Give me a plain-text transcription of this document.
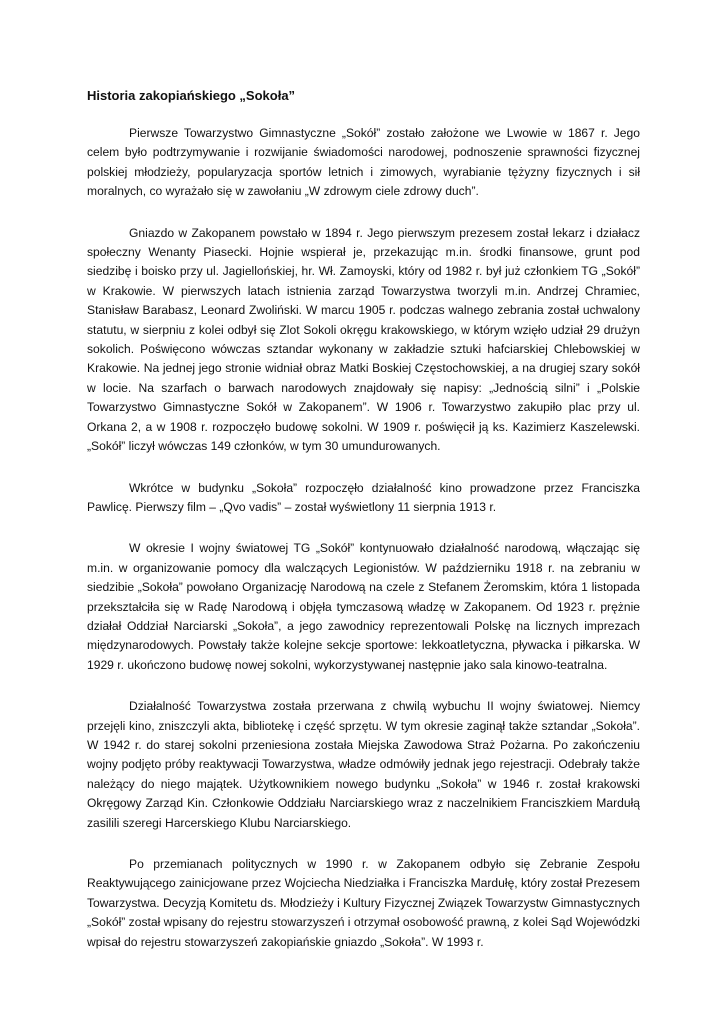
Historia zakopiańskiego „Sokoła”

Pierwsze Towarzystwo Gimnastyczne „Sokół” zostało założone we Lwowie w 1867 r. Jego celem było podtrzymywanie i rozwijanie świadomości narodowej, podnoszenie sprawności fizycznej polskiej młodzieży, popularyzacja sportów letnich i zimowych, wyrabianie tężyzny fizycznych i sił moralnych, co wyrażało się w zawołaniu „W zdrowym ciele zdrowy duch”.

Gniazdo w Zakopanem powstało w 1894 r. Jego pierwszym prezesem został lekarz i działacz społeczny Wenanty Piasecki. Hojnie wspierał je, przekazując m.in. środki finansowe, grunt pod siedzibę i boisko przy ul. Jagiellońskiej, hr. Wł. Zamoyski, który od 1982 r. był już członkiem TG „Sokół” w Krakowie. W pierwszych latach istnienia zarząd Towarzystwa tworzyli m.in. Andrzej Chramiec, Stanisław Barabasz, Leonard Zwoliński. W marcu 1905 r. podczas walnego zebrania został uchwalony statutu, w sierpniu z kolei odbył się Zlot Sokoli okręgu krakowskiego, w którym wzięło udział 29 drużyn sokolich. Poświęcono wówczas sztandar wykonany w zakładzie sztuki hafciarskiej Chlebowskiej w Krakowie. Na jednej jego stronie widniał obraz Matki Boskiej Częstochowskiej, a na drugiej szary sokół w locie. Na szarfach o barwach narodowych znajdowały się napisy: „Jednością silni” i „Polskie Towarzystwo Gimnastyczne Sokół w Zakopanem”. W 1906 r. Towarzystwo zakupiło plac przy ul. Orkana 2, a w 1908 r. rozpoczęło budowę sokolni. W 1909 r. poświęcił ją ks. Kazimierz Kaszelewski. „Sokół” liczył wówczas 149 członków, w tym 30 umundurowanych.

Wkrótce w budynku „Sokoła” rozpoczęło działalność kino prowadzone przez Franciszka Pawlicę. Pierwszy film – „Qvo vadis” – został wyświetlony 11 sierpnia 1913 r.

W okresie I wojny światowej TG „Sokół” kontynuowało działalność narodową, włączając się m.in. w organizowanie pomocy dla walczących Legionistów. W październiku 1918 r. na zebraniu w siedzibie „Sokoła” powołano Organizację Narodową na czele z Stefanem Żeromskim, która 1 listopada przekształciła się w Radę Narodową i objęła tymczasową władzę w Zakopanem. Od 1923 r. prężnie działał Oddział Narciarski „Sokoła”, a jego zawodnicy reprezentowali Polskę na licznych imprezach międzynarodowych. Powstały także kolejne sekcje sportowe: lekkoatletyczna, pływacka i piłkarska. W 1929 r. ukończono budowę nowej sokolni, wykorzystywanej następnie jako sala kinowo-teatralna.

Działalność Towarzystwa została przerwana z chwilą wybuchu II wojny światowej. Niemcy przejęli kino, zniszczyli akta, bibliotekę i część sprzętu. W tym okresie zaginął także sztandar „Sokoła”. W 1942 r. do starej sokolni przeniesiona została Miejska Zawodowa Straż Pożarna. Po zakończeniu wojny podjęto próby reaktywacji Towarzystwa, władze odmówiły jednak jego rejestracji. Odebrały także należący do niego majątek. Użytkownikiem nowego budynku „Sokoła” w 1946 r. został krakowski Okręgowy Zarząd Kin. Członkowie Oddziału Narciarskiego wraz z naczelnikiem Franciszkiem Mardułą zasilili szeregi Harcerskiego Klubu Narciarskiego.

Po przemianach politycznych w 1990 r. w Zakopanem odbyło się Zebranie Zespołu Reaktywującego zainicjowane przez Wojciecha Niedziałka i Franciszka Mardułę, który został Prezesem Towarzystwa. Decyzją Komitetu ds. Młodzieży i Kultury Fizycznej Związek Towarzystw Gimnastycznych „Sokół” został wpisany do rejestru stowarzyszeń i otrzymał osobowość prawną, z kolei Sąd Wojewódzki wpisał do rejestru stowarzyszeń zakopiańskie gniazdo „Sokoła”. W 1993 r.
